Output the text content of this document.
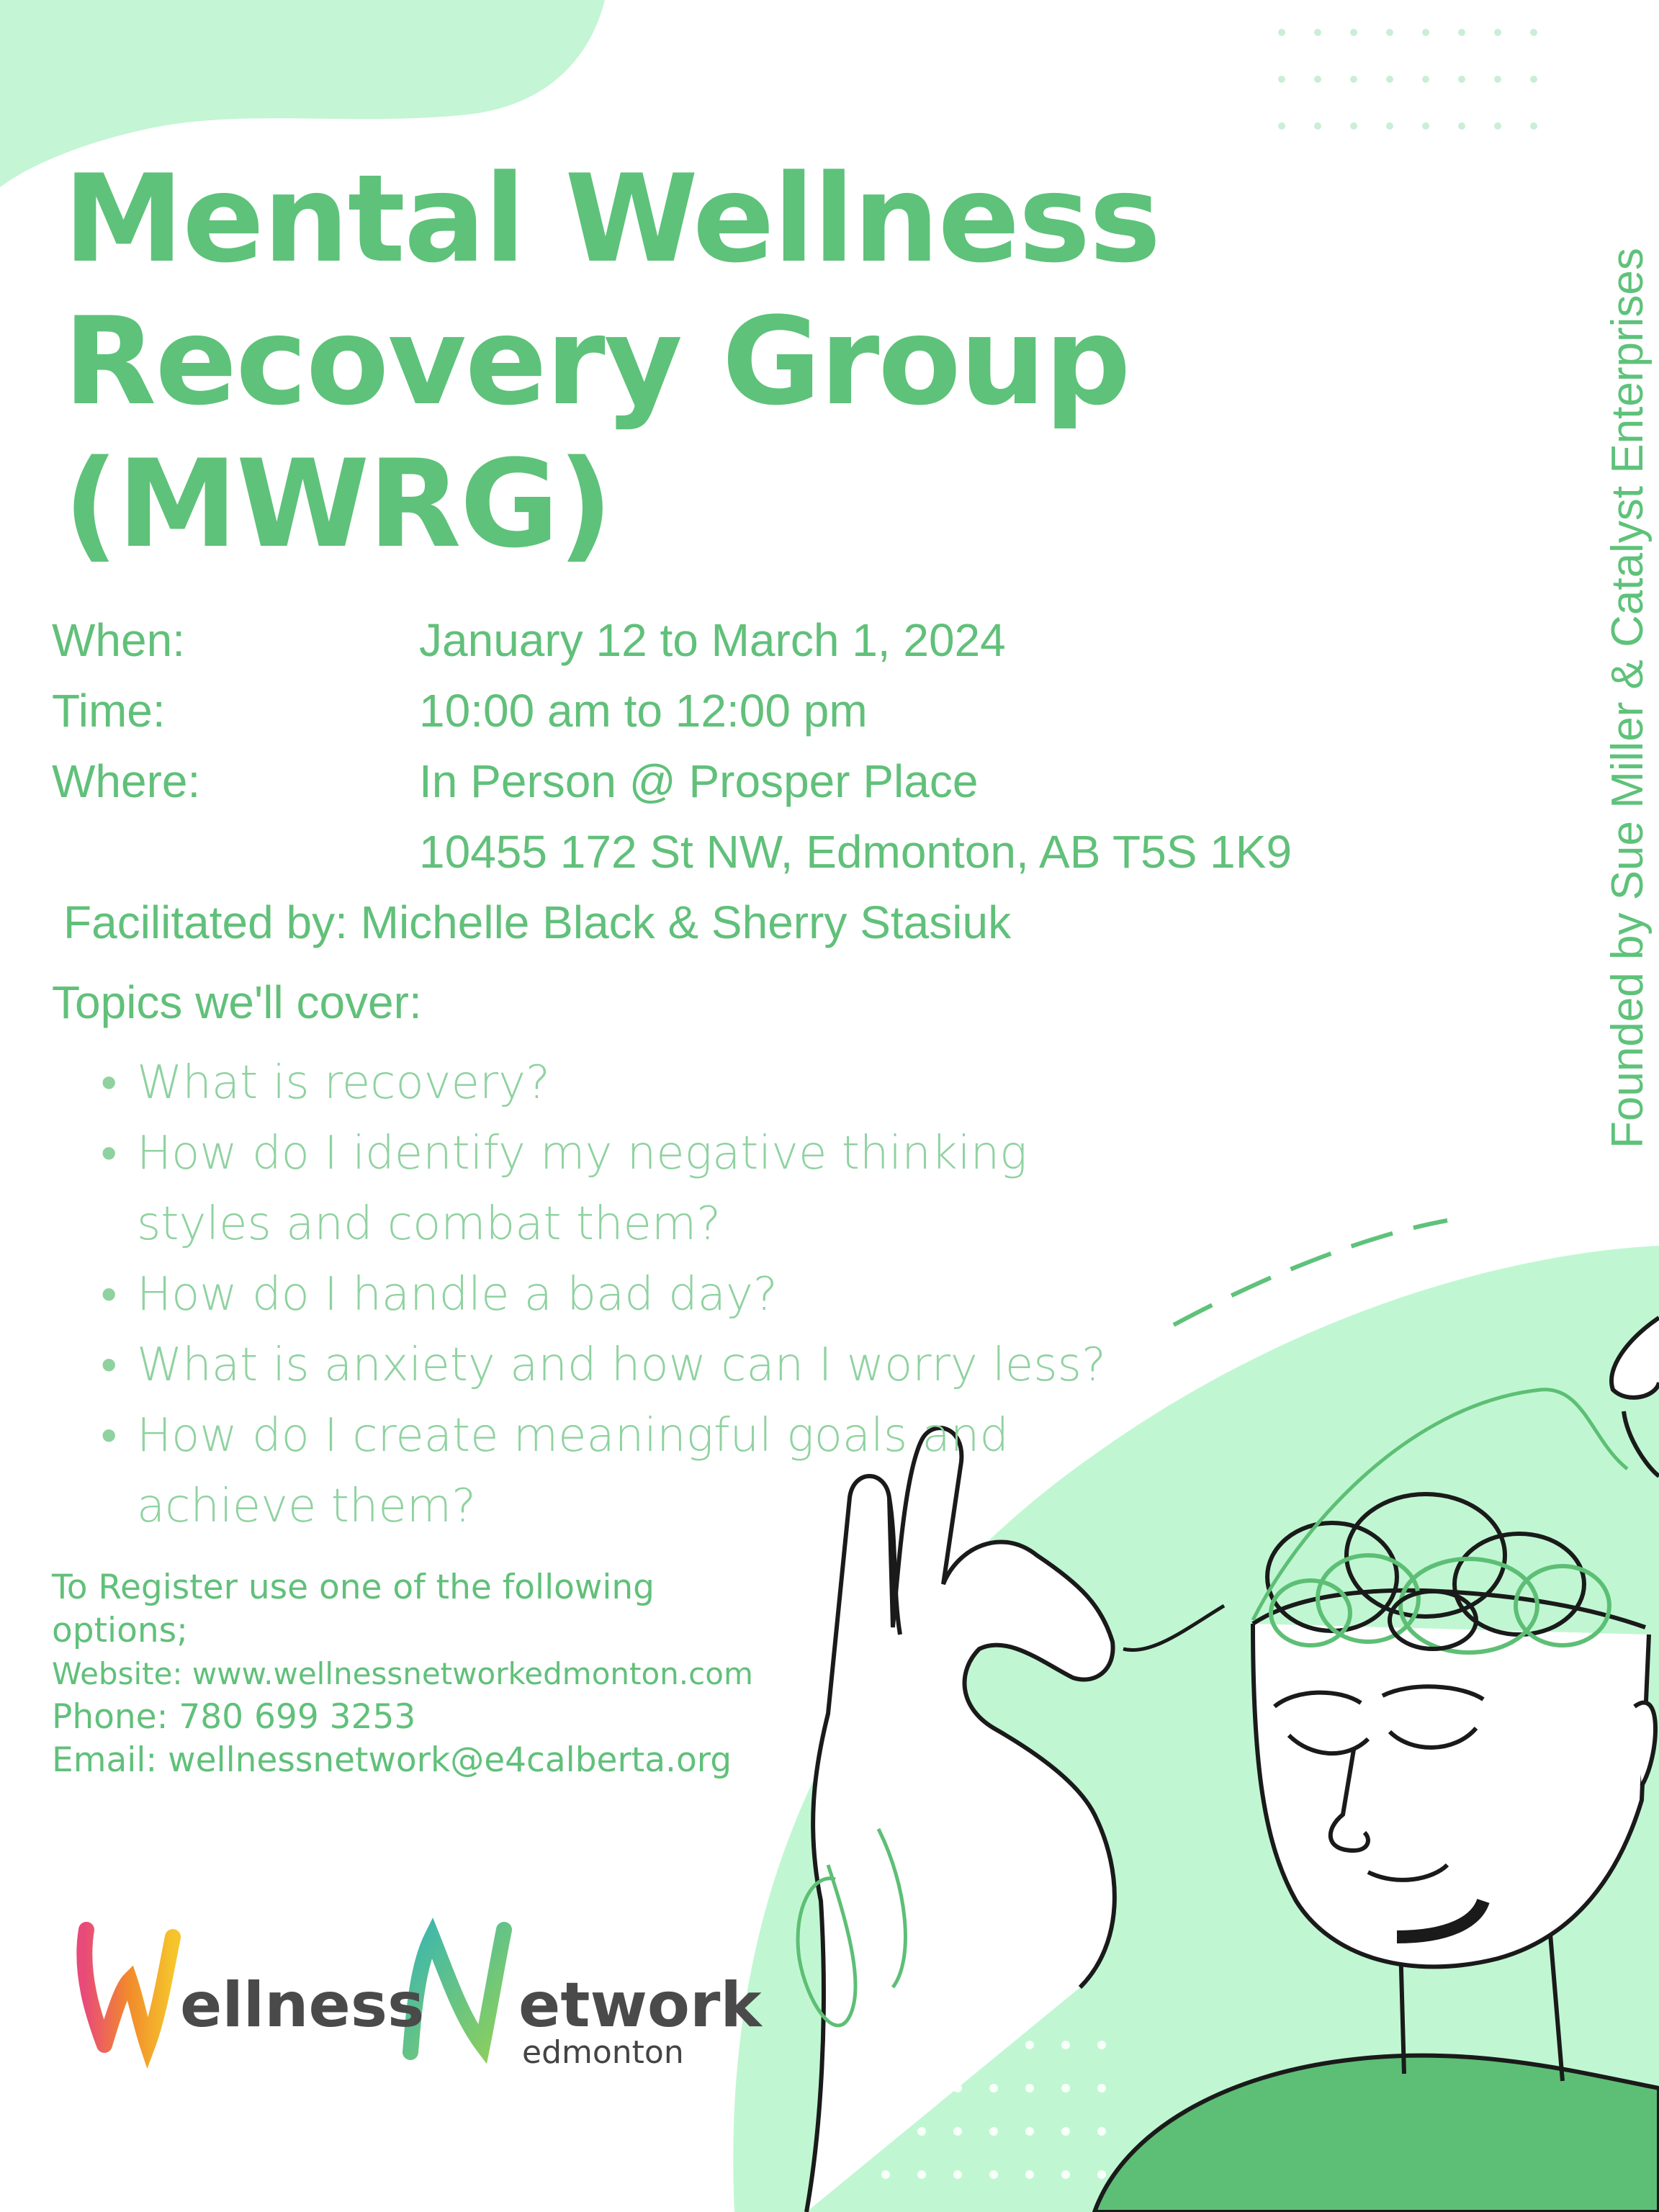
Mental Wellness
Recovery Group
(MWRG)
When:	January 12 to March 1, 2024
Time:	10:00 am to 12:00 pm
Where:	In Person @ Prosper Place
10455 172 St NW, Edmonton, AB T5S 1K9
Facilitated by: Michelle Black & Sherry Stasiuk
Topics we'll cover:
• What is recovery?
• How do I identify my negative thinking styles and combat them?
• How do I handle a bad day?
• What is anxiety and how can I worry less?
• How do I create meaningful goals and achieve them?
To Register use one of the following options;
Website: www.wellnessnetworkedmonton.com
Phone: 780 699 3253
Email: wellnessnetwork@e4calberta.org
Founded by Sue Miller & Catalyst Enterprises
ellness etwork
edmonton
